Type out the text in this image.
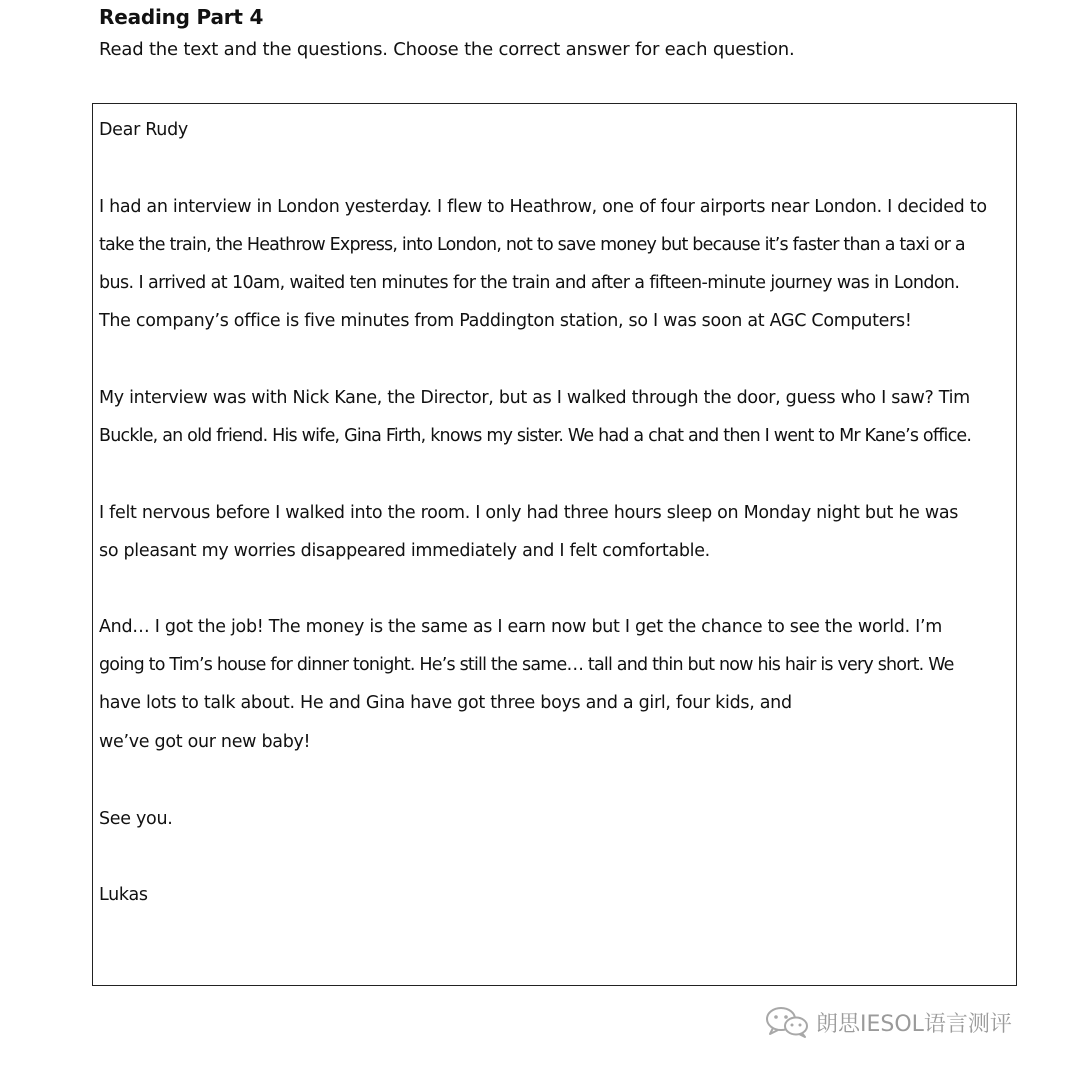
Reading Part 4
Read the text and the questions. Choose the correct answer for each question.
Dear Rudy
I had an interview in London yesterday. I flew to Heathrow, one of four airports near London. I decided to
take the train, the Heathrow Express, into London, not to save money but because it’s faster than a taxi or a
bus. I arrived at 10am, waited ten minutes for the train and after a fifteen-minute journey was in London.
The company’s office is five minutes from Paddington station, so I was soon at AGC Computers!
My interview was with Nick Kane, the Director, but as I walked through the door, guess who I saw? Tim
Buckle, an old friend. His wife, Gina Firth, knows my sister. We had a chat and then I went to Mr Kane’s office.
I felt nervous before I walked into the room. I only had three hours sleep on Monday night but he was
so pleasant my worries disappeared immediately and I felt comfortable.
And… I got the job! The money is the same as I earn now but I get the chance to see the world. I’m
going to Tim’s house for dinner tonight. He’s still the same… tall and thin but now his hair is very short. We
have lots to talk about. He and Gina have got three boys and a girl, four kids, and
we’ve got our new baby!
See you.
Lukas
朗思IESOL语言测评
